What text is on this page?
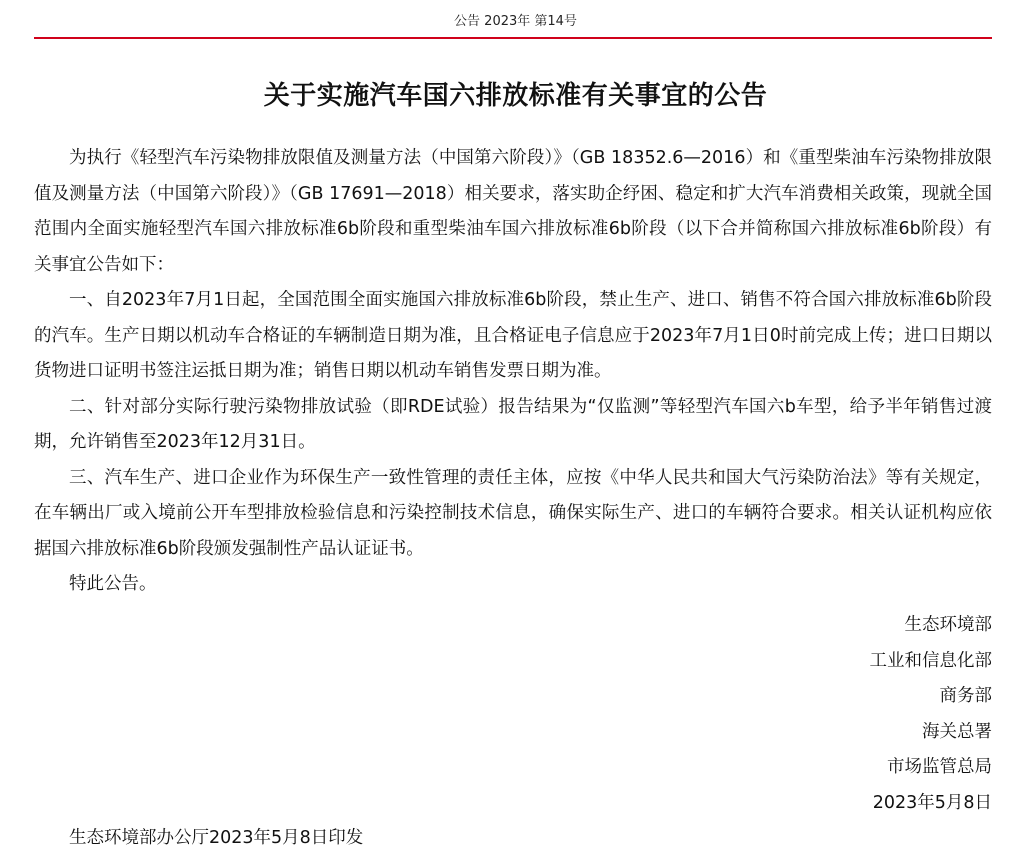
公告 2023年 第14号
关于实施汽车国六排放标准有关事宜的公告

为执行《轻型汽车污染物排放限值及测量方法（中国第六阶段）》（GB 18352.6—2016）和《重型柴油车污染物排放限值及测量方法（中国第六阶段）》（GB 17691—2018）相关要求，落实助企纾困、稳定和扩大汽车消费相关政策，现就全国范围内全面实施轻型汽车国六排放标准6b阶段和重型柴油车国六排放标准6b阶段（以下合并简称国六排放标准6b阶段）有关事宜公告如下：

一、自2023年7月1日起，全国范围全面实施国六排放标准6b阶段，禁止生产、进口、销售不符合国六排放标准6b阶段的汽车。生产日期以机动车合格证的车辆制造日期为准，且合格证电子信息应于2023年7月1日0时前完成上传；进口日期以货物进口证明书签注运抵日期为准；销售日期以机动车销售发票日期为准。

二、针对部分实际行驶污染物排放试验（即RDE试验）报告结果为“仅监测”等轻型汽车国六b车型，给予半年销售过渡期，允许销售至2023年12月31日。

三、汽车生产、进口企业作为环保生产一致性管理的责任主体，应按《中华人民共和国大气污染防治法》等有关规定，在车辆出厂或入境前公开车型排放检验信息和污染控制技术信息，确保实际生产、进口的车辆符合要求。相关认证机构应依据国六排放标准6b阶段颁发强制性产品认证证书。

特此公告。

生态环境部
工业和信息化部
商务部
海关总署
市场监管总局
2023年5月8日
生态环境部办公厅2023年5月8日印发
